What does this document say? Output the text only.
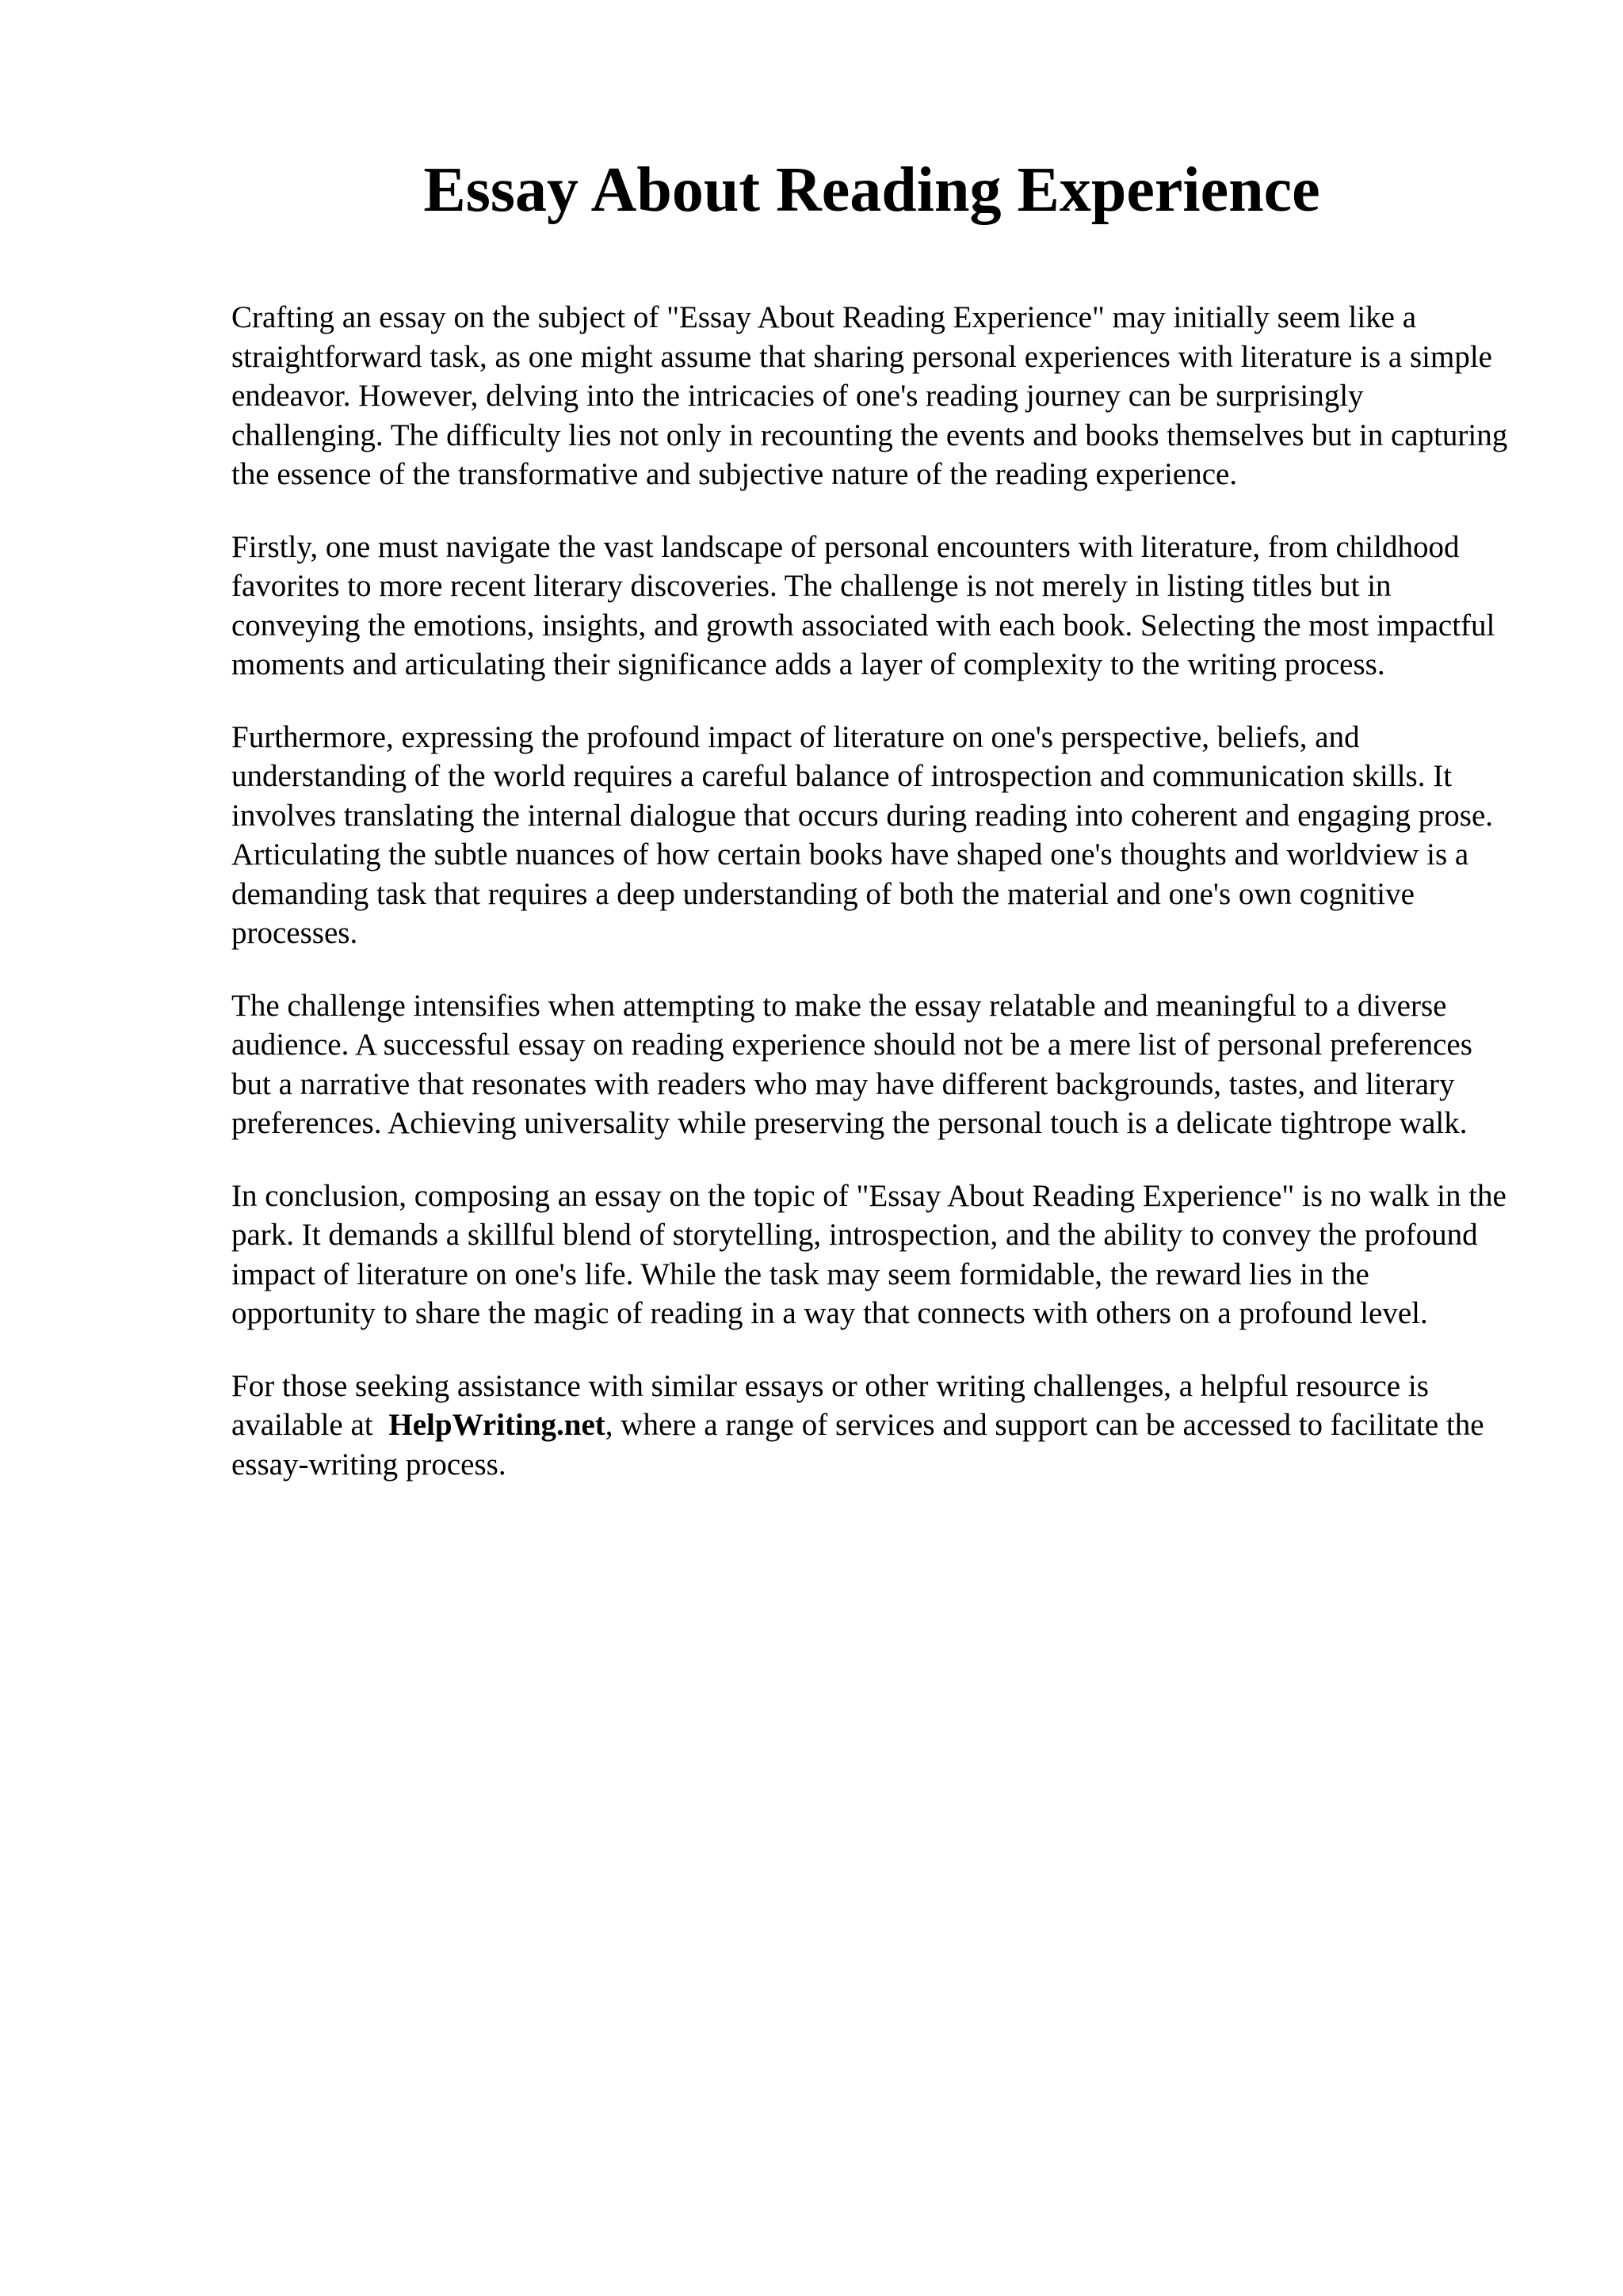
Essay About Reading Experience

Crafting an essay on the subject of "Essay About Reading Experience" may initially seem like a straightforward task, as one might assume that sharing personal experiences with literature is a simple endeavor. However, delving into the intricacies of one's reading journey can be surprisingly challenging. The difficulty lies not only in recounting the events and books themselves but in capturing the essence of the transformative and subjective nature of the reading experience.

Firstly, one must navigate the vast landscape of personal encounters with literature, from childhood favorites to more recent literary discoveries. The challenge is not merely in listing titles but in conveying the emotions, insights, and growth associated with each book. Selecting the most impactful moments and articulating their significance adds a layer of complexity to the writing process.

Furthermore, expressing the profound impact of literature on one's perspective, beliefs, and understanding of the world requires a careful balance of introspection and communication skills. It involves translating the internal dialogue that occurs during reading into coherent and engaging prose. Articulating the subtle nuances of how certain books have shaped one's thoughts and worldview is a demanding task that requires a deep understanding of both the material and one's own cognitive processes.

The challenge intensifies when attempting to make the essay relatable and meaningful to a diverse audience. A successful essay on reading experience should not be a mere list of personal preferences but a narrative that resonates with readers who may have different backgrounds, tastes, and literary preferences. Achieving universality while preserving the personal touch is a delicate tightrope walk.

In conclusion, composing an essay on the topic of "Essay About Reading Experience" is no walk in the park. It demands a skillful blend of storytelling, introspection, and the ability to convey the profound impact of literature on one's life. While the task may seem formidable, the reward lies in the opportunity to share the magic of reading in a way that connects with others on a profound level.

For those seeking assistance with similar essays or other writing challenges, a helpful resource is available at HelpWriting.net, where a range of services and support can be accessed to facilitate the essay-writing process.
